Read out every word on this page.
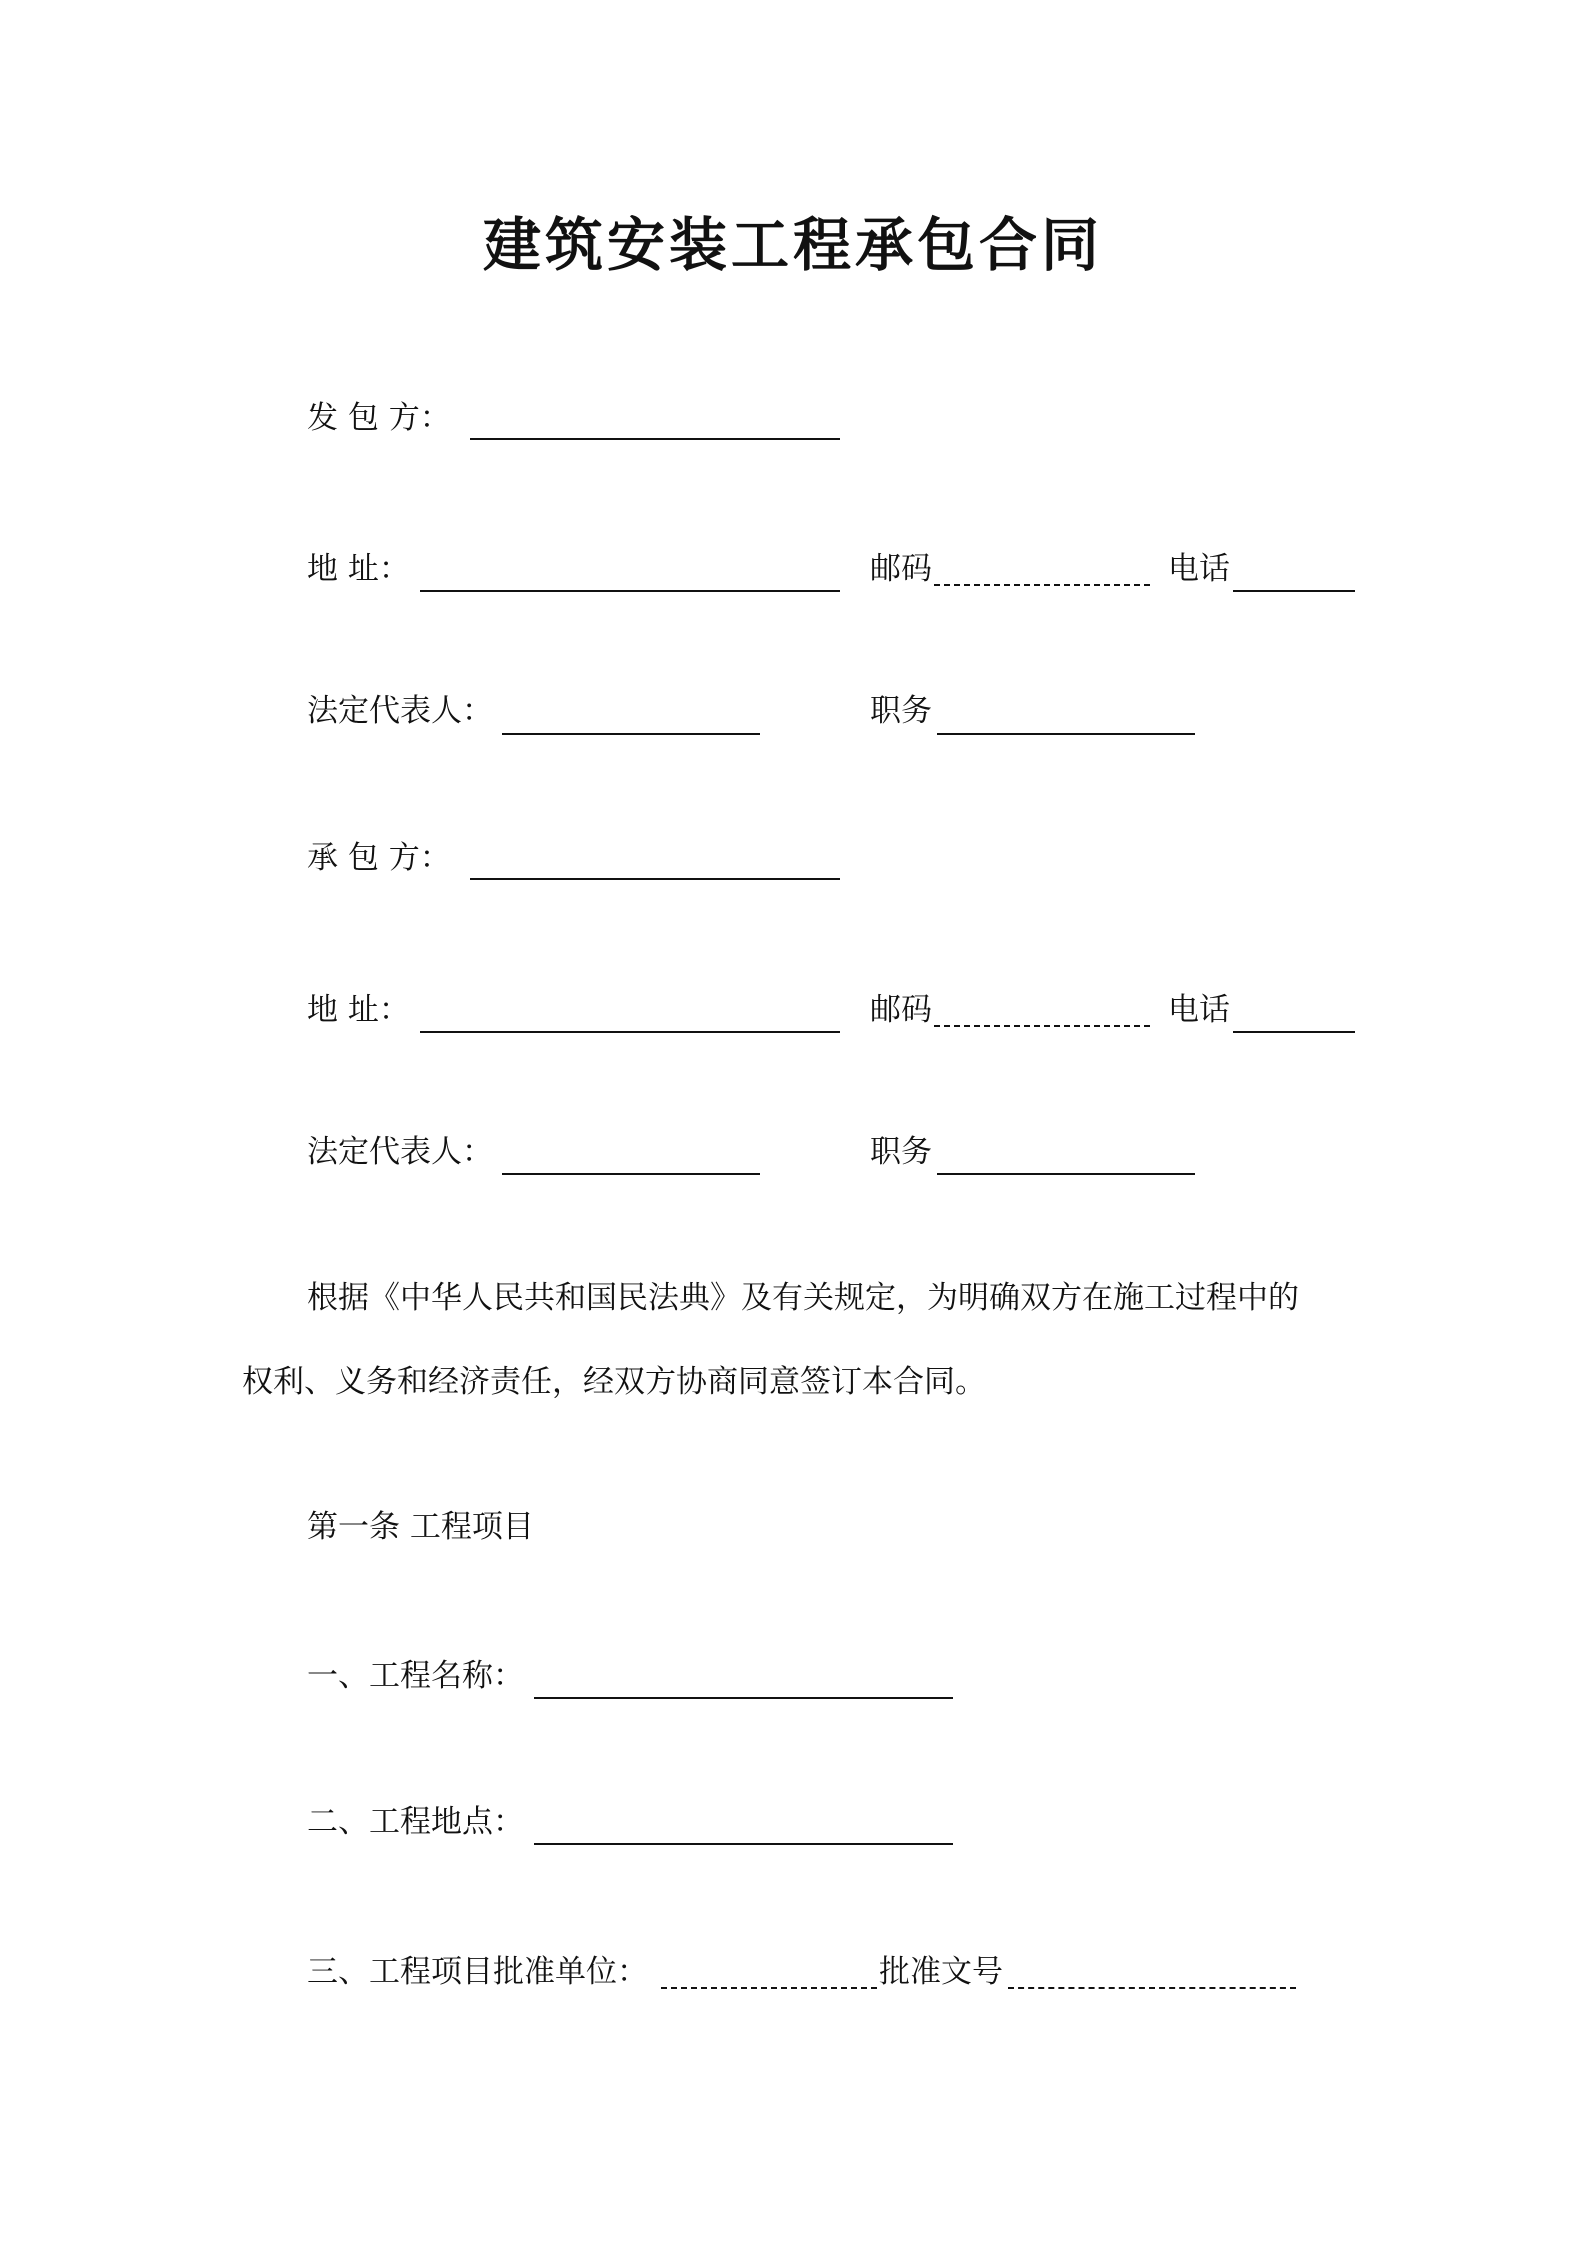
建筑安装工程承包合同
发 包 方：
地 址：	邮码	电话
法定代表人：	职务
承 包 方：
地 址：	邮码	电话
法定代表人：	职务
根据《中华人民共和国民法典》及有关规定，为明确双方在施工过程中的
权利、义务和经济责任，经双方协商同意签订本合同。
第一条 工程项目
一、工程名称：
二、工程地点：
三、工程项目批准单位：	批准文号
